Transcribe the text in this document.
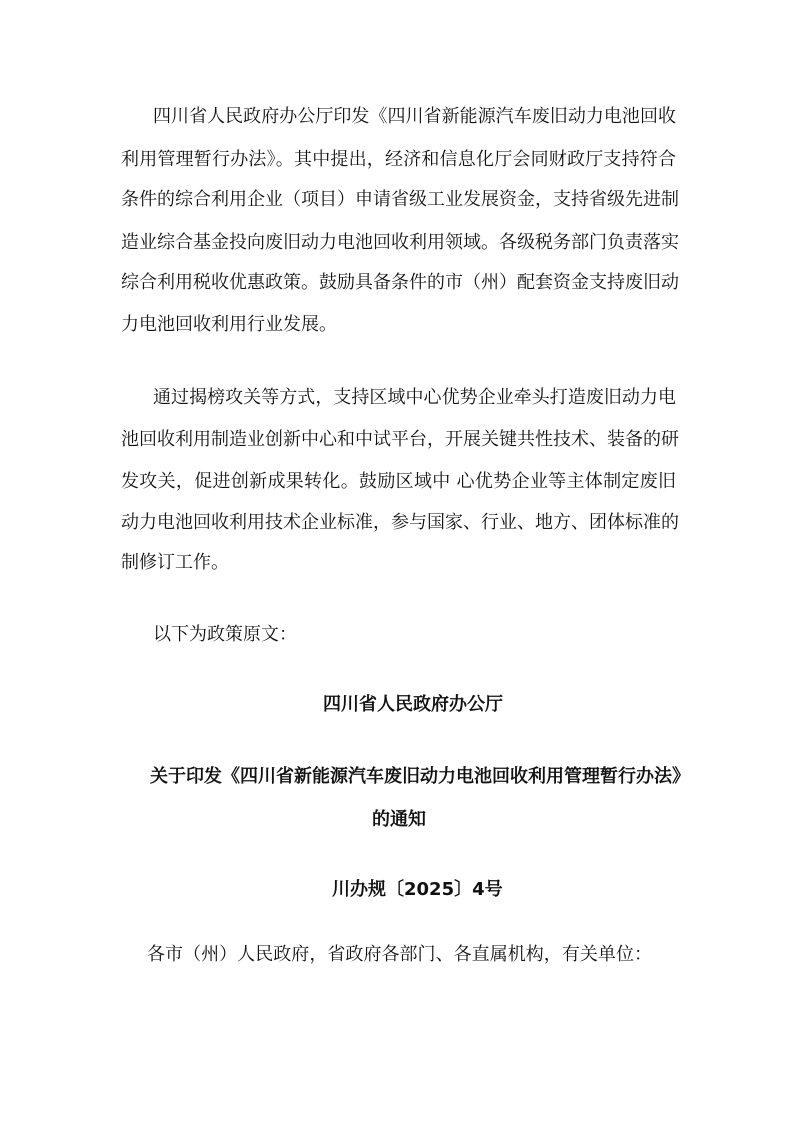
四川省人民政府办公厅印发《四川省新能源汽车废旧动力电池回收
利用管理暂行办法》。其中提出，经济和信息化厅会同财政厅支持符合
条件的综合利用企业（项目）申请省级工业发展资金，支持省级先进制
造业综合基金投向废旧动力电池回收利用领域。各级税务部门负责落实
综合利用税收优惠政策。鼓励具备条件的市（州）配套资金支持废旧动
力电池回收利用行业发展。
通过揭榜攻关等方式，支持区域中心优势企业牵头打造废旧动力电
池回收利用制造业创新中心和中试平台，开展关键共性技术、装备的研
发攻关，促进创新成果转化。鼓励区域中 心优势企业等主体制定废旧
动力电池回收利用技术企业标准，参与国家、行业、地方、团体标准的
制修订工作。
以下为政策原文：
四川省人民政府办公厅
关于印发《四川省新能源汽车废旧动力电池回收利用管理暂行办法》
的通知
川办规〔2025〕4号
各市（州）人民政府，省政府各部门、各直属机构，有关单位：
